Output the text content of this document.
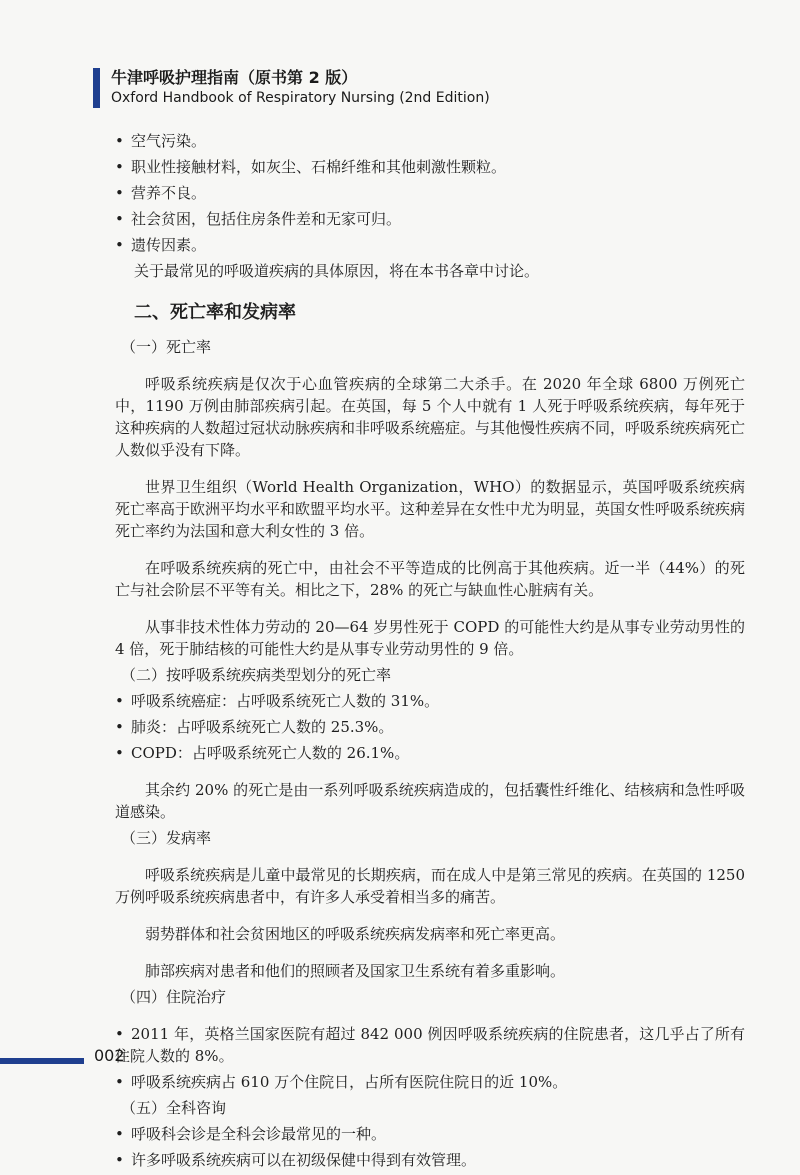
牛津呼吸护理指南（原书第 2 版）
Oxford Handbook of Respiratory Nursing (2nd Edition)

• 空气污染。

• 职业性接触材料，如灰尘、石棉纤维和其他刺激性颗粒。

• 营养不良。

• 社会贫困，包括住房条件差和无家可归。

• 遗传因素。

关于最常见的呼吸道疾病的具体原因，将在本书各章中讨论。

二、死亡率和发病率
（一）死亡率

呼吸系统疾病是仅次于心血管疾病的全球第二大杀手。在 2020 年全球 6800 万例死亡中，1190 万例由肺部疾病引起。在英国，每 5 个人中就有 1 人死于呼吸系统疾病，每年死于这种疾病的人数超过冠状动脉疾病和非呼吸系统癌症。与其他慢性疾病不同，呼吸系统疾病死亡人数似乎没有下降。

世界卫生组织（World Health Organization，WHO）的数据显示，英国呼吸系统疾病死亡率高于欧洲平均水平和欧盟平均水平。这种差异在女性中尤为明显，英国女性呼吸系统疾病死亡率约为法国和意大利女性的 3 倍。

在呼吸系统疾病的死亡中，由社会不平等造成的比例高于其他疾病。近一半（44%）的死亡与社会阶层不平等有关。相比之下，28% 的死亡与缺血性心脏病有关。

从事非技术性体力劳动的 20—64 岁男性死于 COPD 的可能性大约是从事专业劳动男性的 4 倍，死于肺结核的可能性大约是从事专业劳动男性的 9 倍。

（二）按呼吸系统疾病类型划分的死亡率

• 呼吸系统癌症：占呼吸系统死亡人数的 31%。

• 肺炎：占呼吸系统死亡人数的 25.3%。

• COPD：占呼吸系统死亡人数的 26.1%。

其余约 20% 的死亡是由一系列呼吸系统疾病造成的，包括囊性纤维化、结核病和急性呼吸道感染。

（三）发病率

呼吸系统疾病是儿童中最常见的长期疾病，而在成人中是第三常见的疾病。在英国的 1250 万例呼吸系统疾病患者中，有许多人承受着相当多的痛苦。

弱势群体和社会贫困地区的呼吸系统疾病发病率和死亡率更高。

肺部疾病对患者和他们的照顾者及国家卫生系统有着多重影响。

（四）住院治疗

• 2011 年，英格兰国家医院有超过 842 000 例因呼吸系统疾病的住院患者，这几乎占了所有住院人数的 8%。

• 呼吸系统疾病占 610 万个住院日，占所有医院住院日的近 10%。

（五）全科咨询

• 呼吸科会诊是全科会诊最常见的一种。

• 许多呼吸系统疾病可以在初级保健中得到有效管理。

002
